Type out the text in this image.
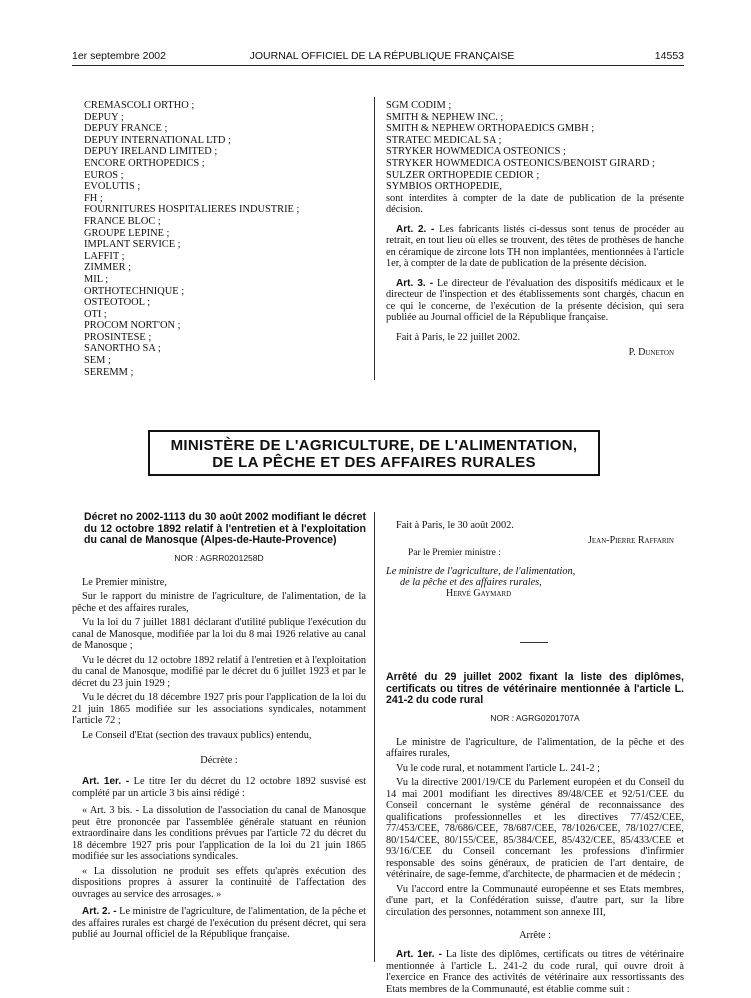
1er septembre 2002	JOURNAL OFFICIEL DE LA RÉPUBLIQUE FRANÇAISE	14553
CREMASCOLI ORTHO ;
DEPUY ;
DEPUY FRANCE ;
DEPUY INTERNATIONAL LTD ;
DEPUY IRELAND LIMITED ;
ENCORE ORTHOPEDICS ;
EUROS ;
EVOLUTIS ;
FH ;
FOURNITURES HOSPITALIERES INDUSTRIE ;
FRANCE BLOC ;
GROUPE LEPINE ;
IMPLANT SERVICE ;
LAFFIT ;
ZIMMER ;
MIL ;
ORTHOTECHNIQUE ;
OSTEOTOOL ;
OTI ;
PROCOM NORT'ON ;
PROSINTESE ;
SANORTHO SA ;
SEM ;
SEREMM ;
SGM CODIM ;
SMITH & NEPHEW INC. ;
SMITH & NEPHEW ORTHOPAEDICS GMBH ;
STRATEC MEDICAL SA ;
STRYKER HOWMEDICA OSTEONICS ;
STRYKER HOWMEDICA OSTEONICS/BENOIST GIRARD ;
SULZER ORTHOPEDIE CEDIOR ;
SYMBIOS ORTHOPEDIE,

sont interdites à compter de la date de publication de la présente décision.

Art. 2. - Les fabricants listés ci-dessus sont tenus de procéder au retrait, en tout lieu où elles se trouvent, des têtes de prothèses de hanche en céramique de zircone lots TH non implantées, mentionnées à l'article 1er, à compter de la date de publication de la présente décision.

Art. 3. - Le directeur de l'évaluation des dispositifs médicaux et le directeur de l'inspection et des établissements sont chargés, chacun en ce qui le concerne, de l'exécution de la présente décision, qui sera publiée au Journal officiel de la République française.

Fait à Paris, le 22 juillet 2002.

P. Duneton
MINISTÈRE DE L'AGRICULTURE, DE L'ALIMENTATION,
DE LA PÊCHE ET DES AFFAIRES RURALES
Décret no 2002-1113 du 30 août 2002 modifiant le décret du 12 octobre 1892 relatif à l'entretien et à l'exploitation du canal de Manosque (Alpes-de-Haute-Provence)
NOR : AGRR0201258D

Le Premier ministre,

Sur le rapport du ministre de l'agriculture, de l'alimentation, de la pêche et des affaires rurales,

Vu la loi du 7 juillet 1881 déclarant d'utilité publique l'exécution du canal de Manosque, modifiée par la loi du 8 mai 1926 relative au canal de Manosque ;

Vu le décret du 12 octobre 1892 relatif à l'entretien et à l'exploitation du canal de Manosque, modifié par le décret du 6 juillet 1923 et par le décret du 23 juin 1929 ;

Vu le décret du 18 décembre 1927 pris pour l'application de la loi du 21 juin 1865 modifiée sur les associations syndicales, notamment l'article 72 ;

Le Conseil d'Etat (section des travaux publics) entendu,

Décrète :

Art. 1er. - Le titre Ier du décret du 12 octobre 1892 susvisé est complété par un article 3 bis ainsi rédigé :

« Art. 3 bis. - La dissolution de l'association du canal de Manosque peut être prononcée par l'assemblée générale statuant en réunion extraordinaire dans les conditions prévues par l'article 72 du décret du 18 décembre 1927 pris pour l'application de la loi du 21 juin 1865 modifiée sur les associations syndicales.

« La dissolution ne produit ses effets qu'après exécution des dispositions propres à assurer la continuité de l'affectation des ouvrages au service des arrosages. »

Art. 2. - Le ministre de l'agriculture, de l'alimentation, de la pêche et des affaires rurales est chargé de l'exécution du présent décret, qui sera publié au Journal officiel de la République française.

Fait à Paris, le 30 août 2002.
Jean-Pierre Raffarin
Par le Premier ministre :
Le ministre de l'agriculture, de l'alimentation,
de la pêche et des affaires rurales,
Hervé Gaymard
Arrêté du 29 juillet 2002 fixant la liste des diplômes, certificats ou titres de vétérinaire mentionnée à l'article L. 241-2 du code rural
NOR : AGRG0201707A

Le ministre de l'agriculture, de l'alimentation, de la pêche et des affaires rurales,

Vu le code rural, et notamment l'article L. 241-2 ;

Vu la directive 2001/19/CE du Parlement européen et du Conseil du 14 mai 2001 modifiant les directives 89/48/CEE et 92/51/CEE du Conseil concernant le système général de reconnaissance des qualifications professionnelles et les directives 77/452/CEE, 77/453/CEE, 78/686/CEE, 78/687/CEE, 78/1026/CEE, 78/1027/CEE, 80/154/CEE, 80/155/CEE, 85/384/CEE, 85/432/CEE, 85/433/CEE et 93/16/CEE du Conseil concernant les professions d'infirmier responsable des soins généraux, de praticien de l'art dentaire, de vétérinaire, de sage-femme, d'architecte, de pharmacien et de médecin ;

Vu l'accord entre la Communauté européenne et ses Etats membres, d'une part, et la Confédération suisse, d'autre part, sur la libre circulation des personnes, notamment son annexe III,

Arrête :

Art. 1er. - La liste des diplômes, certificats ou titres de vétérinaire mentionnée à l'article L. 241-2 du code rural, qui ouvre droit à l'exercice en France des activités de vétérinaire aux ressortissants des Etats membres de la Communauté, est établie comme suit :
